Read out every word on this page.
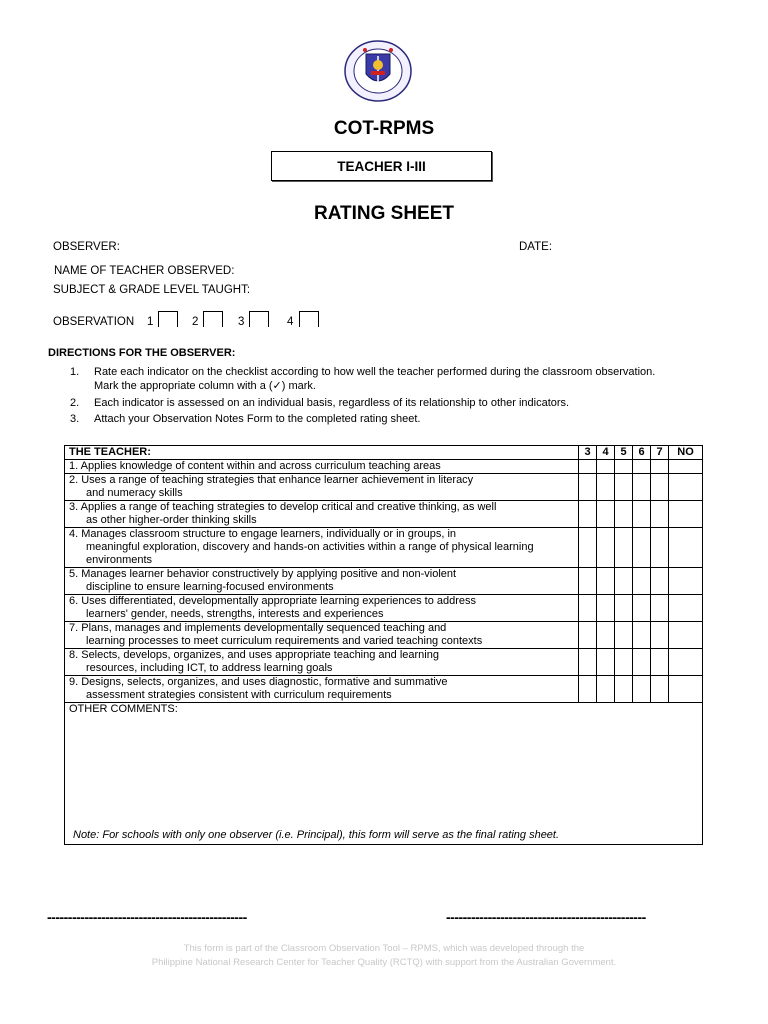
COT-RPMS
TEACHER I-III
RATING SHEET
OBSERVER:	DATE:
NAME OF TEACHER OBSERVED:
SUBJECT & GRADE LEVEL TAUGHT:
OBSERVATION 1	2	3	4
DIRECTIONS FOR THE OBSERVER:
1. Rate each indicator on the checklist according to how well the teacher performed during the classroom observation. Mark the appropriate column with a (✓) mark.
2. Each indicator is assessed on an individual basis, regardless of its relationship to other indicators.
3. Attach your Observation Notes Form to the completed rating sheet.
THE TEACHER:	3	4	5	6	7	NO

1. Applies knowledge of content within and across curriculum teaching areas						

2. Uses a range of teaching strategies that enhance learner achievement in literacy
and numeracy skills						

3. Applies a range of teaching strategies to develop critical and creative thinking, as well
as other higher-order thinking skills						

4. Manages classroom structure to engage learners, individually or in groups, in
meaningful exploration, discovery and hands-on activities within a range of physical learning environments						

5. Manages learner behavior constructively by applying positive and non-violent
discipline to ensure learning-focused environments						

6. Uses differentiated, developmentally appropriate learning experiences to address
learners' gender, needs, strengths, interests and experiences						

7. Plans, manages and implements developmentally sequenced teaching and
learning processes to meet curriculum requirements and varied teaching contexts						

8. Selects, develops, organizes, and uses appropriate teaching and learning
resources, including ICT, to address learning goals						

9. Designs, selects, organizes, and uses diagnostic, formative and summative
assessment strategies consistent with curriculum requirements						

OTHER COMMENTS:
Note: For schools with only one observer (i.e. Principal), this form will serve as the final rating sheet.						
------------------------------------------------	------------------------------------------------
This form is part of the Classroom Observation Tool – RPMS, which was developed through the
Philippine National Research Center for Teacher Quality (RCTQ) with support from the Australian Government.
